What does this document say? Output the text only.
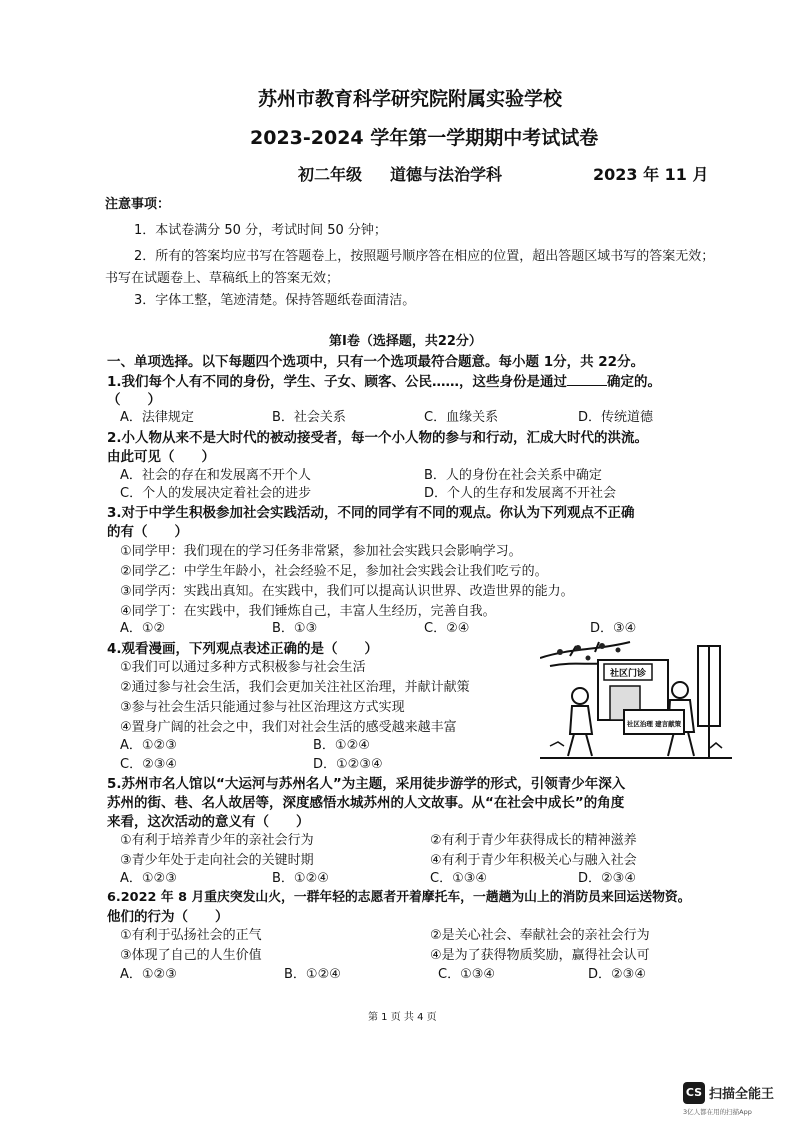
苏州市教育科学研究院附属实验学校
2023-2024 学年第一学期期中考试试卷
初二年级 道德与法治学科	2023 年 11 月
注意事项：
1．本试卷满分 50 分，考试时间 50 分钟；
2．所有的答案均应书写在答题卷上，按照题号顺序答在相应的位置，超出答题区域书写的答案无效；
书写在试题卷上、草稿纸上的答案无效；
3．字体工整，笔迹清楚。保持答题纸卷面清洁。
第Ⅰ卷（选择题，共22分）
一、单项选择。以下每题四个选项中，只有一个选项最符合题意。每小题 1分，共 22分。
1.我们每个人有不同的身份，学生、子女、顾客、公民……，这些身份是通过	确定的。
（　　）
A．法律规定	B．社会关系	C．血缘关系	D．传统道德
2.小人物从来不是大时代的被动接受者，每一个小人物的参与和行动，汇成大时代的洪流。
由此可见（　　）
A．社会的存在和发展离不开个人	B．人的身份在社会关系中确定
C．个人的发展决定着社会的进步	D．个人的生存和发展离不开社会
3.对于中学生积极参加社会实践活动，不同的同学有不同的观点。你认为下列观点不正确
的有（　　）
①同学甲：我们现在的学习任务非常紧，参加社会实践只会影响学习。
②同学乙：中学生年龄小，社会经验不足，参加社会实践会让我们吃亏的。
③同学丙：实践出真知。在实践中，我们可以提高认识世界、改造世界的能力。
④同学丁：在实践中，我们锤炼自己，丰富人生经历，完善自我。
A．①②	B．①③	C．②④	D．③④
4.观看漫画，下列观点表述正确的是（　　）
①我们可以通过多种方式积极参与社会生活
②通过参与社会生活，我们会更加关注社区治理，并献计献策
③参与社会生活只能通过参与社区治理这方式实现
④置身广阔的社会之中，我们对社会生活的感受越来越丰富
A．①②③	B．①②④
C．②③④	D．①②③④
社区门诊
社区治理 建言献策
5.苏州市名人馆以“大运河与苏州名人”为主题，采用徒步游学的形式，引领青少年深入
苏州的街、巷、名人故居等，深度感悟水城苏州的人文故事。从“在社会中成长”的角度
来看，这次活动的意义有（　　）
①有利于培养青少年的亲社会行为	②有利于青少年获得成长的精神滋养
③青少年处于走向社会的关键时期	④有利于青少年积极关心与融入社会
A．①②③	B．①②④	C．①③④	D．②③④
6.2022 年 8 月重庆突发山火，一群年轻的志愿者开着摩托车，一趟趟为山上的消防员来回运送物资。
他们的行为（　　）
①有利于弘扬社会的正气	②是关心社会、奉献社会的亲社会行为
③体现了自己的人生价值	④是为了获得物质奖励，赢得社会认可
A．①②③	B．①②④	C．①③④	D．②③④
第 1 页 共 4 页
CS 扫描全能王
3亿人都在用的扫描App
